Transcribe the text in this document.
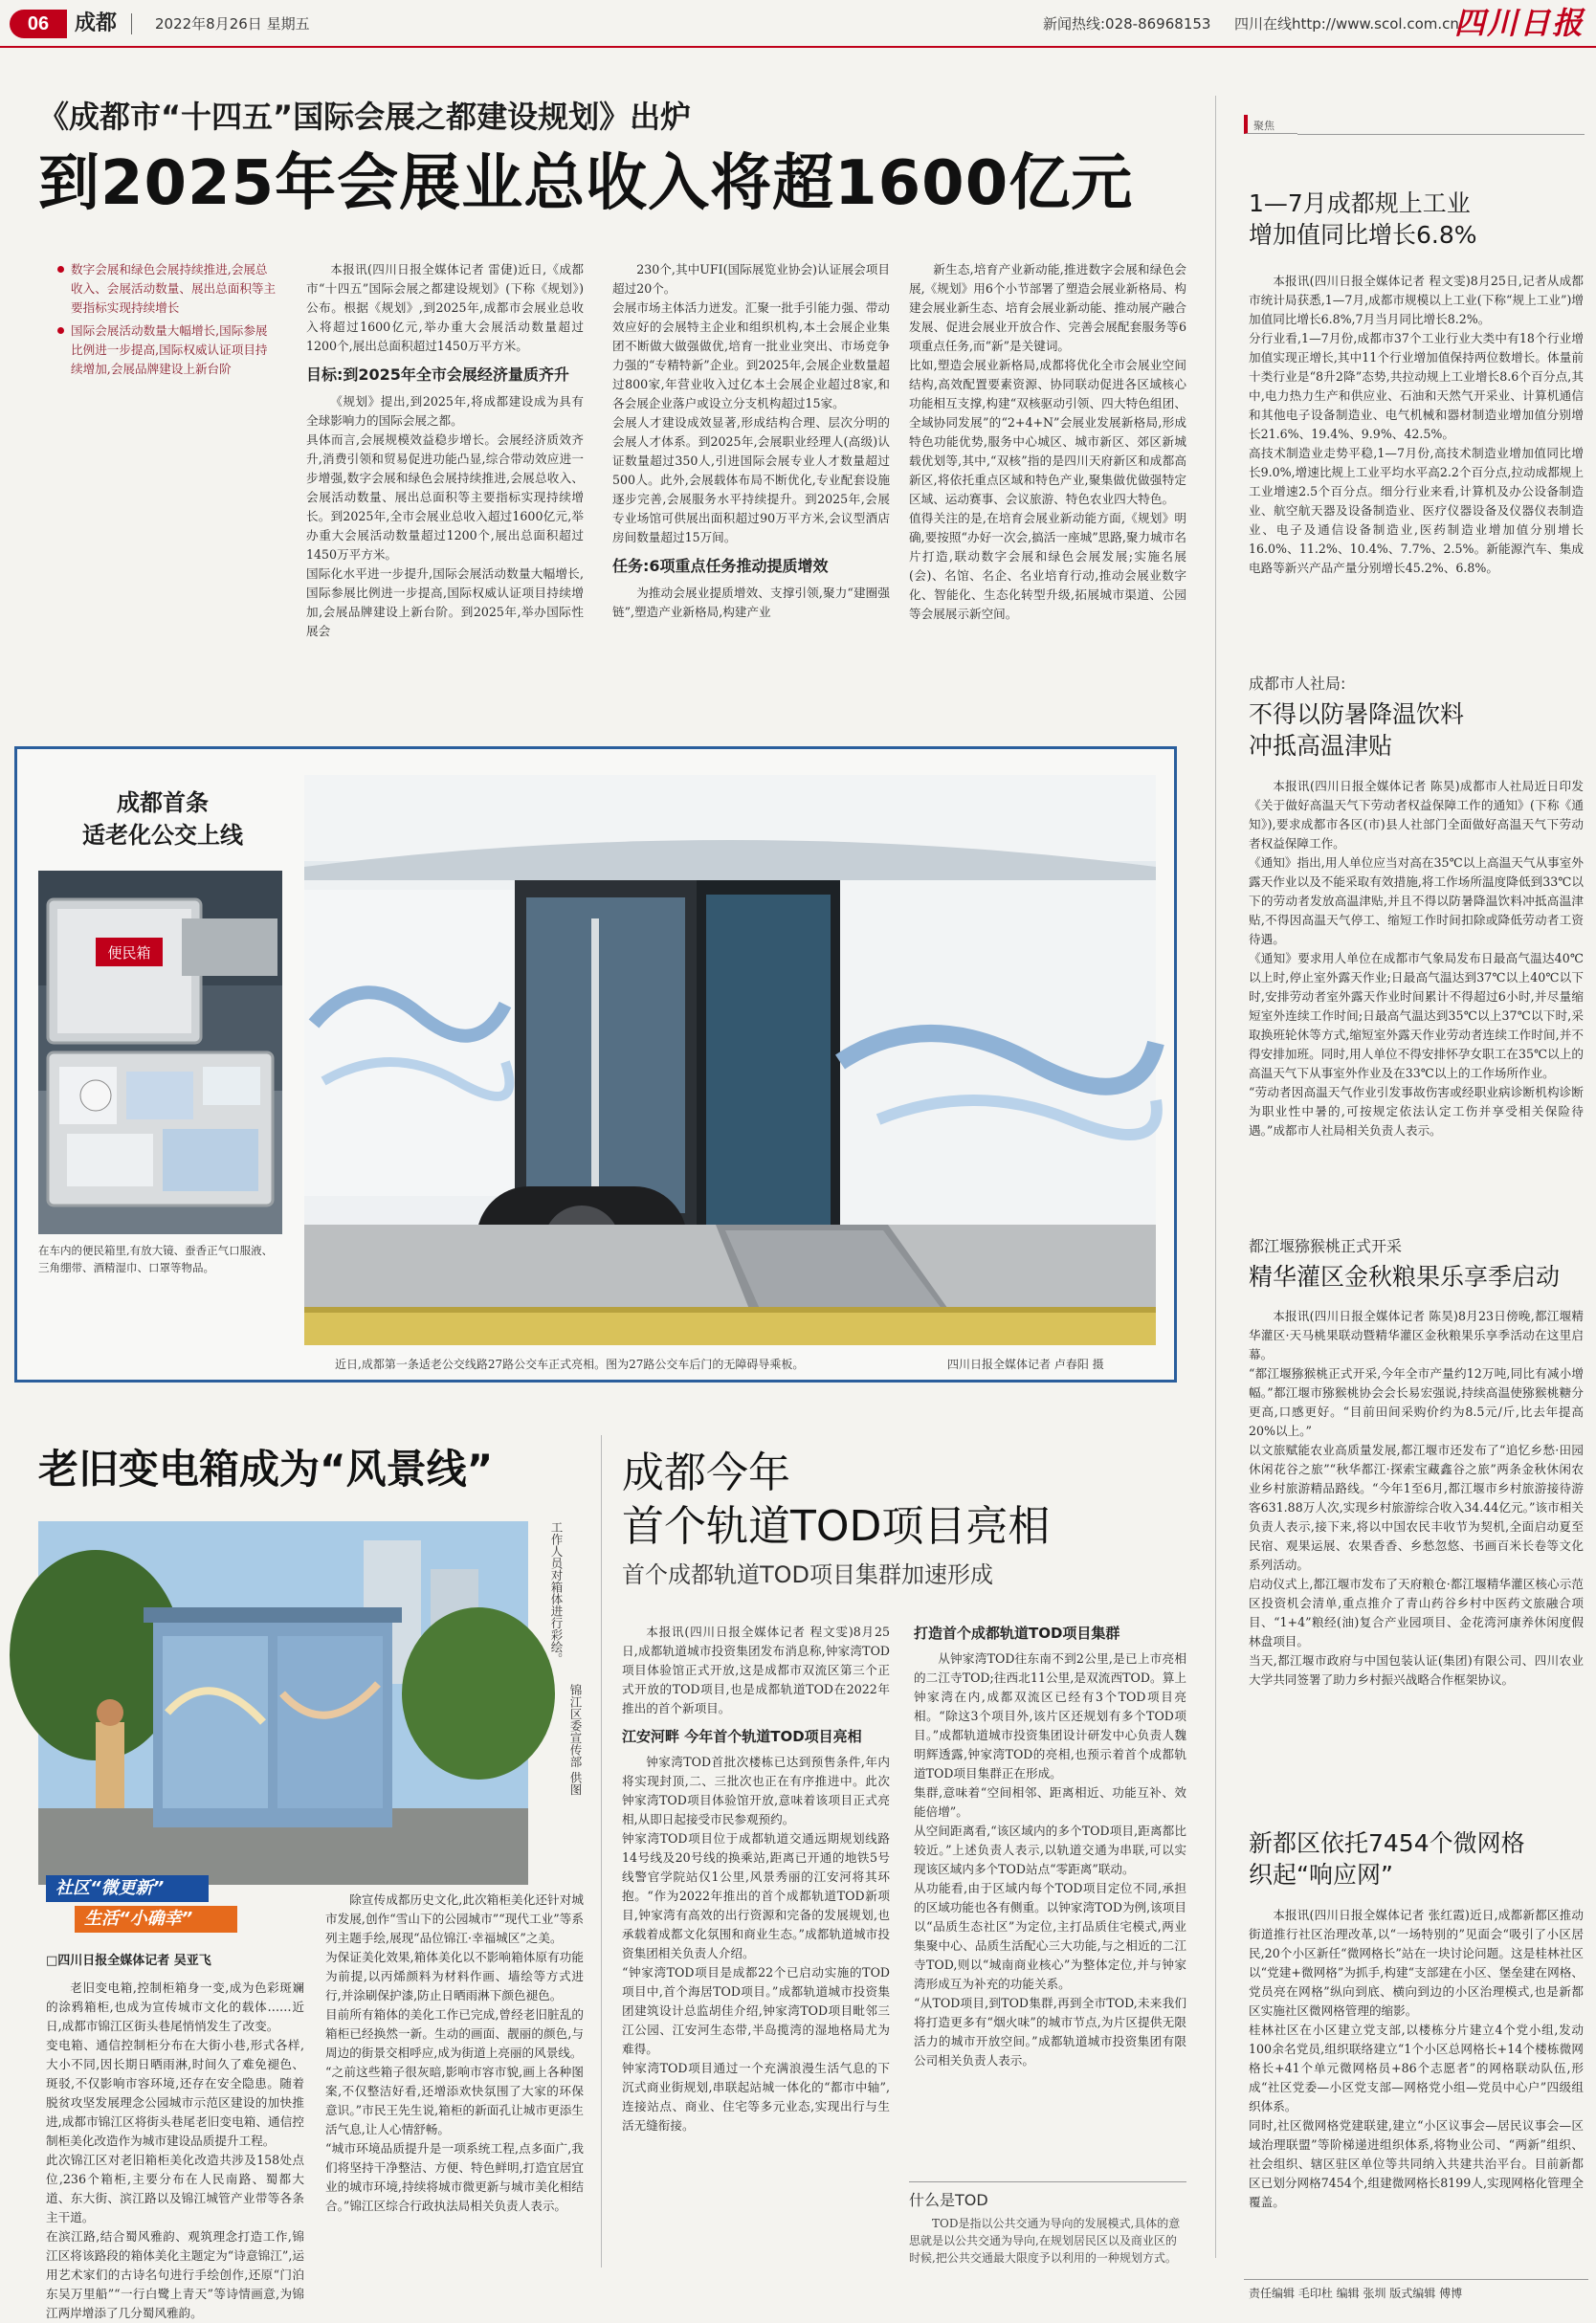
06	成都	2022年8月26日 星期五	新闻热线:028-86968153 四川在线http://www.scol.com.cn
四川日报
《成都市“十四五”国际会展之都建设规划》出炉
到2025年会展业总收入将超1600亿元
数字会展和绿色会展持续推进,会展总收入、会展活动数量、展出总面积等主要指标实现持续增长
国际会展活动数量大幅增长,国际参展比例进一步提高,国际权威认证项目持续增加,会展品牌建设上新台阶
本报讯(四川日报全媒体记者 雷倢)近日,《成都市“十四五”国际会展之都建设规划》(下称《规划》)公布。根据《规划》,到2025年,成都市会展业总收入将超过1600亿元,举办重大会展活动数量超过1200个,展出总面积超过1450万平方米。
目标:到2025年全市会展经济量质齐升
《规划》提出,到2025年,将成都建设成为具有全球影响力的国际会展之都。
具体而言,会展规模效益稳步增长。会展经济质效齐升,消费引领和贸易促进功能凸显,综合带动效应进一步增强,数字会展和绿色会展持续推进,会展总收入、会展活动数量、展出总面积等主要指标实现持续增长。到2025年,全市会展业总收入超过1600亿元,举办重大会展活动数量超过1200个,展出总面积超过1450万平方米。
国际化水平进一步提升,国际会展活动数量大幅增长,国际参展比例进一步提高,国际权威认证项目持续增加,会展品牌建设上新台阶。到2025年,举办国际性展会
230个,其中UFI(国际展览业协会)认证展会项目超过20个。
会展市场主体活力迸发。汇聚一批手引能力强、带动效应好的会展特主企业和组织机构,本土会展企业集团不断做大做强做优,培育一批业业突出、市场竞争力强的“专精特新”企业。到2025年,会展企业数量超过800家,年营业收入过亿本土会展企业超过8家,和各会展企业落户或设立分支机构超过15家。
会展人才建设成效显著,形成结构合理、层次分明的会展人才体系。到2025年,会展职业经理人(高级)认证数量超过350人,引进国际会展专业人才数量超过500人。此外,会展载体布局不断优化,专业配套设施逐步完善,会展服务水平持续提升。到2025年,会展专业场馆可供展出面积超过90万平方米,会议型酒店房间数量超过15万间。
任务:6项重点任务推动提质增效
为推动会展业提质增效、支撑引领,聚力“建圈强链”,塑造产业新格局,构建产业
新生态,培育产业新动能,推进数字会展和绿色会展,《规划》用6个小节部署了塑造会展业新格局、构建会展业新生态、培育会展业新动能、推动展产融合发展、促进会展业开放合作、完善会展配套服务等6项重点任务,而“新”是关键词。
比如,塑造会展业新格局,成都将优化全市会展业空间结构,高效配置要素资源、协同联动促进各区域核心功能相互支撑,构建“双核驱动引领、四大特色组团、全域协同发展”的“2+4+N”会展业发展新格局,形成特色功能优势,服务中心城区、城市新区、郊区新城载优划等,其中,“双核”指的是四川天府新区和成都高新区,将依托重点区域和特色产业,聚集做优做强特定区域、运动赛事、会议旅游、特色农业四大特色。
值得关注的是,在培育会展业新动能方面,《规划》明确,要按照“办好一次会,搞活一座城”思路,聚力城市名片打造,联动数字会展和绿色会展发展;实施名展(会)、名馆、名企、名业培育行动,推动会展业数字化、智能化、生态化转型升级,拓展城市渠道、公园等会展展示新空间。
成都首条
适老化公交上线
便民箱
在车内的便民箱里,有放大镜、蚕香正气口服液、三角绷带、酒精湿巾、口罩等物品。
近日,成都第一条适老公交线路27路公交车正式亮相。图为27路公交车后门的无障碍导乘板。	四川日报全媒体记者 卢春阳 摄
聚焦
1—7月成都规上工业
增加值同比增长6.8%
本报讯(四川日报全媒体记者 程文雯)8月25日,记者从成都市统计局获悉,1—7月,成都市规模以上工业(下称“规上工业”)增加值同比增长6.8%,7月当月同比增长8.2%。
分行业看,1—7月份,成都市37个工业行业大类中有18个行业增加值实现正增长,其中11个行业增加值保持两位数增长。体量前十类行业是“8升2降”态势,共拉动规上工业增长8.6个百分点,其中,电力热力生产和供应业、石油和天然气开采业、计算机通信和其他电子设备制造业、电气机械和器材制造业增加值分别增长21.6%、19.4%、9.9%、42.5%。
高技术制造业走势平稳,1—7月份,高技术制造业增加值同比增长9.0%,增速比规上工业平均水平高2.2个百分点,拉动成都规上工业增速2.5个百分点。细分行业来看,计算机及办公设备制造业、航空航天器及设备制造业、医疗仪器设备及仪器仪表制造业、电子及通信设备制造业,医药制造业增加值分别增长16.0%、11.2%、10.4%、7.7%、2.5%。新能源汽车、集成电路等新兴产品产量分别增长45.2%、6.8%。
成都市人社局:
不得以防暑降温饮料
冲抵高温津贴
本报讯(四川日报全媒体记者 陈昊)成都市人社局近日印发《关于做好高温天气下劳动者权益保障工作的通知》(下称《通知》),要求成都市各区(市)县人社部门全面做好高温天气下劳动者权益保障工作。
《通知》指出,用人单位应当对高在35℃以上高温天气从事室外露天作业以及不能采取有效措施,将工作场所温度降低到33℃以下的劳动者发放高温津贴,并且不得以防暑降温饮料冲抵高温津贴,不得因高温天气停工、缩短工作时间扣除或降低劳动者工资待遇。
《通知》要求用人单位在成都市气象局发布日最高气温达40℃以上时,停止室外露天作业;日最高气温达到37℃以上40℃以下时,安排劳动者室外露天作业时间累计不得超过6小时,并尽量缩短室外连续工作时间;日最高气温达到35℃以上37℃以下时,采取换班轮休等方式,缩短室外露天作业劳动者连续工作时间,并不得安排加班。同时,用人单位不得安排怀孕女职工在35℃以上的高温天气下从事室外作业及在33℃以上的工作场所作业。
“劳动者因高温天气作业引发事故伤害或经职业病诊断机构诊断为职业性中暑的,可按规定依法认定工伤并享受相关保险待遇。”成都市人社局相关负责人表示。
都江堰猕猴桃正式开采
精华灌区金秋粮果乐享季启动
本报讯(四川日报全媒体记者 陈昊)8月23日傍晚,都江堰精华灌区·天马桃果联动暨精华灌区金秋粮果乐享季活动在这里启幕。
“都江堰猕猴桃正式开采,今年全市产量约12万吨,同比有减小增幅。”都江堰市猕猴桃协会会长易宏强说,持续高温使猕猴桃糖分更高,口感更好。“目前田间采购价约为8.5元/斤,比去年提高20%以上。”
以文旅赋能农业高质量发展,都江堰市还发布了“追忆乡愁·田园休闲花谷之旅”“秋华都江·探索宝藏鑫谷之旅”两条金秋休闲农业乡村旅游精品路线。“今年1至6月,都江堰市乡村旅游接待游客631.88万人次,实现乡村旅游综合收入34.44亿元。”该市相关负责人表示,接下来,将以中国农民丰收节为契机,全面启动夏至民宿、观果运展、农果香香、乡愁忽悠、书画百米长卷等文化系列活动。
启动仪式上,都江堰市发布了天府粮仓·都江堰精华灌区核心示范区投资机会清单,重点推介了青山药谷乡村中医药文旅融合项目、“1+4”粮经(油)复合产业园项目、金花湾河康养休闲度假林盘项目。
当天,都江堰市政府与中国包装认证(集团)有限公司、四川农业大学共同签署了助力乡村振兴战略合作框架协议。
新都区依托7454个微网格
织起“响应网”
本报讯(四川日报全媒体记者 张红霞)近日,成都新都区推动街道推行社区治理改革,以“一场特别的”见面会“吸引了小区居民,20个小区新任“微网格长”站在一块讨论问题。这是桂林社区以“党建+微网格”为抓手,构建“支部建在小区、堡垒建在网格、党员亮在网格”纵向到底、横向到边的小区治理模式,也是新都区实施社区微网格管理的缩影。
桂林社区在小区建立党支部,以楼栋分片建立4个党小组,发动100余名党员,组织联络建立“1个小区总网格长+14个楼栋微网格长+41个单元微网格员+86个志愿者”的网格联动队伍,形成“社区党委—小区党支部—网格党小组—党员中心户”四级组织体系。
同时,社区微网格党建联建,建立“小区议事会—居民议事会—区域治理联盟”等阶梯递进组织体系,将物业公司、“两新”组织、社会组织、辖区驻区单位等共同纳入共建共治平台。目前新都区已划分网格7454个,组建微网格长8199人,实现网格化管理全覆盖。
老旧变电箱成为“风景线”
工作人员对箱体进行彩绘。
锦江区委宣传部 供图
社区“微更新”
生活“小确幸”
□四川日报全媒体记者 吴亚飞
老旧变电箱,控制柜箱身一变,成为色彩斑斓的涂鸦箱柜,也成为宣传城市文化的载体……近日,成都市锦江区街头巷尾悄悄发生了改变。
变电箱、通信控制柜分布在大街小巷,形式各样,大小不同,因长期日晒雨淋,时间久了难免褪色、斑驳,不仅影响市容环境,还存在安全隐患。随着脱贫攻坚发展理念公园城市示范区建设的加快推进,成都市锦江区将街头巷尾老旧变电箱、通信控制柜美化改造作为城市建设品质提升工程。
此次锦江区对老旧箱柜美化改造共涉及158处点位,236个箱柜,主要分布在人民南路、蜀都大道、东大街、滨江路以及锦江城管产业带等各条主干道。
在滨江路,结合蜀风雅韵、观筑理念打造工作,锦江区将该路段的箱体美化主题定为“诗意锦江”,运用艺术家们的古诗名句进行手绘创作,还原“门泊东吴万里船”“一行白鹭上青天”等诗情画意,为锦江两岸增添了几分蜀风雅韵。
除宣传成都历史文化,此次箱柜美化还针对城市发展,创作“雪山下的公园城市”“现代工业”等系列主题手绘,展现“品位锦江·幸福城区”之美。
为保证美化效果,箱体美化以不影响箱体原有功能为前提,以丙烯颜料为材料作画、墙绘等方式进行,并涂刷保护漆,防止日晒雨淋下颜色褪色。
目前所有箱体的美化工作已完成,曾经老旧脏乱的箱柜已经换然一新。生动的画面、靓丽的颜色,与周边的街景交相呼应,成为街道上亮丽的风景线。
“之前这些箱子很灰暗,影响市容市貌,画上各种图案,不仅整洁好看,还增添欢快氛围了大家的环保意识。”市民王先生说,箱柜的新面孔让城市更添生活气息,让人心情舒畅。
“城市环境品质提升是一项系统工程,点多面广,我们将坚持干净整洁、方便、特色鲜明,打造宜居宜业的城市环境,持续将城市微更新与城市美化相结合。”锦江区综合行政执法局相关负责人表示。
成都今年
首个轨道TOD项目亮相
首个成都轨道TOD项目集群加速形成
本报讯(四川日报全媒体记者 程文雯)8月25日,成都轨道城市投资集团发布消息称,钟家湾TOD项目体验馆正式开放,这是成都市双流区第三个正式开放的TOD项目,也是成都轨道TOD在2022年推出的首个新项目。
江安河畔 今年首个轨道TOD项目亮相
钟家湾TOD首批次楼栋已达到预售条件,年内将实现封顶,二、三批次也正在有序推进中。此次钟家湾TOD项目体验馆开放,意味着该项目正式亮相,从即日起接受市民参观预约。
钟家湾TOD项目位于成都轨道交通远期规划线路14号线及20号线的换乘站,距离已开通的地铁5号线警官学院站仅1公里,风景秀丽的江安河将其环抱。“作为2022年推出的首个成都轨道TOD新项目,钟家湾有高效的出行资源和完备的发展规划,也承载着成都文化氛围和商业生态。”成都轨道城市投资集团相关负责人介绍。
“钟家湾TOD项目是成都22个已启动实施的TOD项目中,首个海居TOD项目。”成都轨道城市投资集团建筑设计总监胡佳介绍,钟家湾TOD项目毗邻三江公园、江安河生态带,半岛揽湾的湿地格局尤为难得。
钟家湾TOD项目通过一个充满浪漫生活气息的下沉式商业街规划,串联起站城一体化的“都市中轴”,连接站点、商业、住宅等多元业态,实现出行与生活无缝衔接。
打造首个成都轨道TOD项目集群
从钟家湾TOD往东南不到2公里,是已上市亮相的二江寺TOD;往西北11公里,是双流西TOD。算上钟家湾在内,成都双流区已经有3个TOD项目亮相。“除这3个项目外,该片区还规划有多个TOD项目。”成都轨道城市投资集团设计研发中心负责人魏明辉透露,钟家湾TOD的亮相,也预示着首个成都轨道TOD项目集群正在形成。
集群,意味着“空间相邻、距离相近、功能互补、效能倍增”。
从空间距离看,“该区域内的多个TOD项目,距离都比较近。”上述负责人表示,以轨道交通为串联,可以实现该区域内多个TOD站点“零距离”联动。
从功能看,由于区域内每个TOD项目定位不同,承担的区域功能也各有侧重。以钟家湾TOD为例,该项目以“品质生态社区”为定位,主打品质住宅模式,两业集聚中心、品质生活配心三大功能,与之相近的二江寺TOD,则以“城南商业核心”为整体定位,并与钟家湾形成互为补充的功能关系。
“从TOD项目,到TOD集群,再到全市TOD,未来我们将打造更多有“烟火味”的城市节点,为片区提供无限活力的城市开放空间。”成都轨道城市投资集团有限公司相关负责人表示。
什么是TOD
TOD是指以公共交通为导向的发展模式,具体的意思就是以公共交通为导向,在规划居民区以及商业区的时候,把公共交通最大限度予以利用的一种规划方式。
责任编辑 毛印杜 编辑 张圳 版式编辑 傅博
